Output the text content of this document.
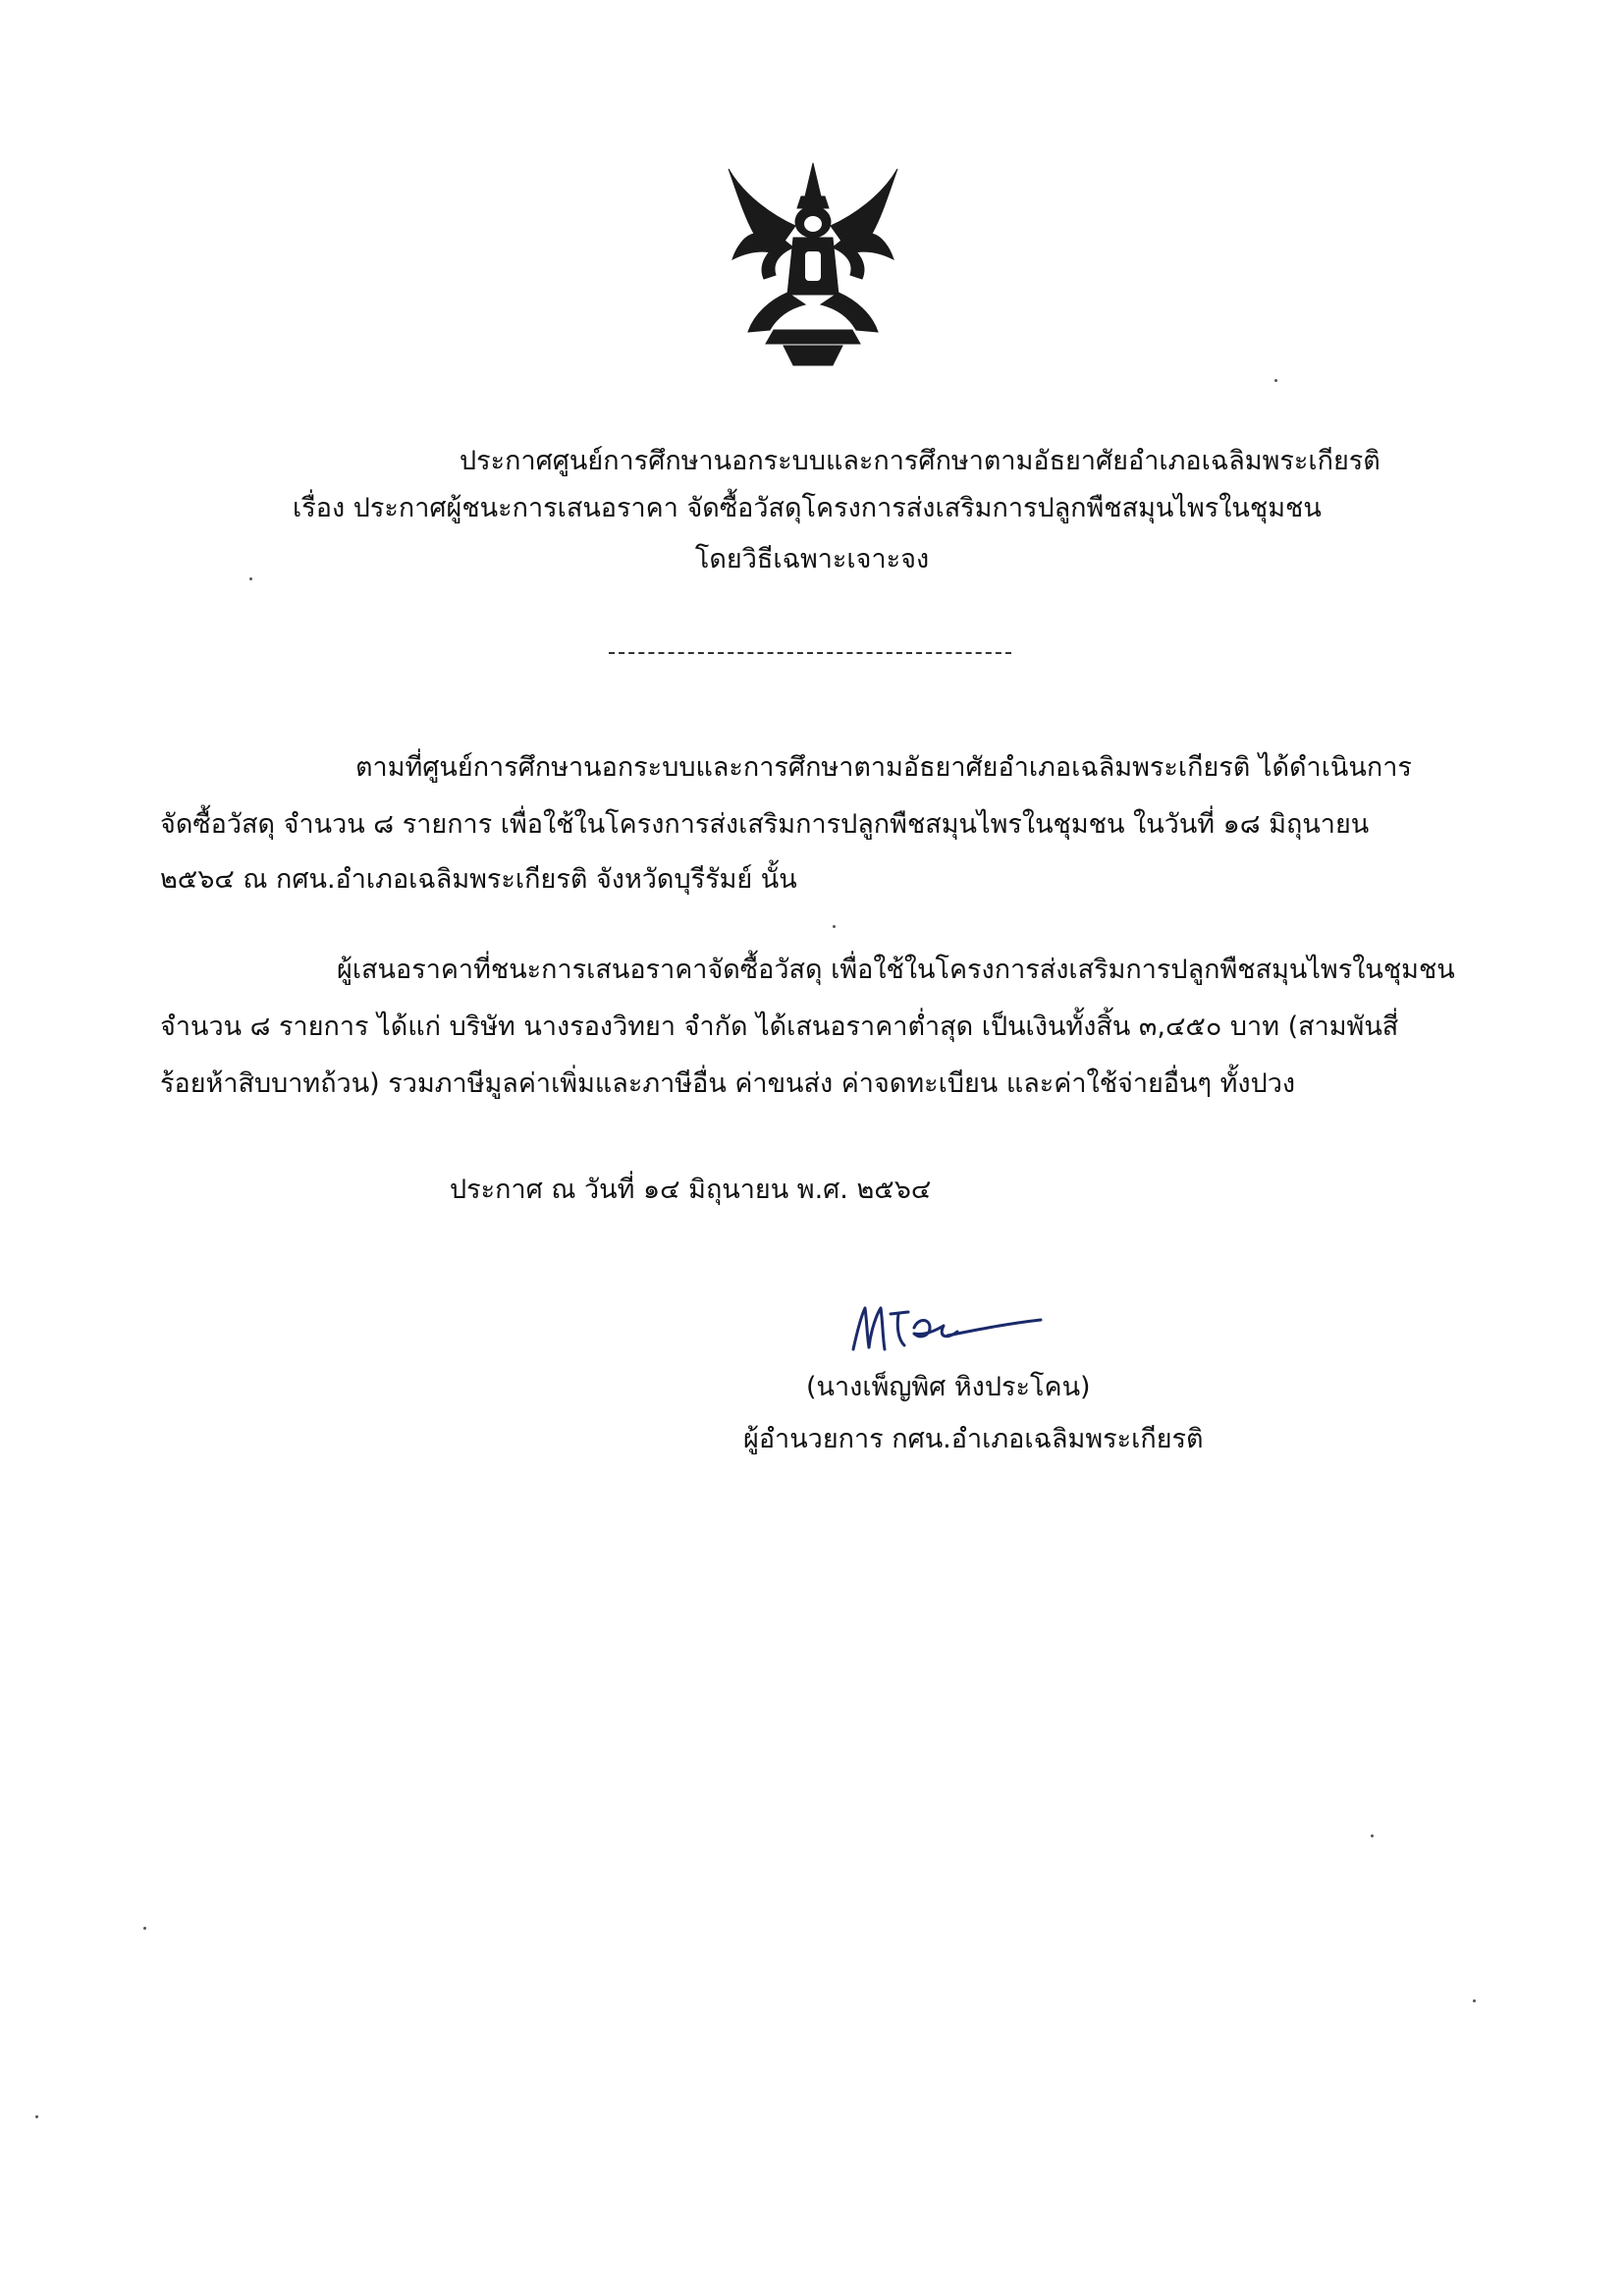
ประกาศศูนย์การศึกษานอกระบบและการศึกษาตามอัธยาศัยอำเภอเฉลิมพระเกียรติ
เรื่อง ประกาศผู้ชนะการเสนอราคา จัดซื้อวัสดุโครงการส่งเสริมการปลูกพืชสมุนไพรในชุมชน
โดยวิธีเฉพาะเจาะจง
ตามที่ศูนย์การศึกษานอกระบบและการศึกษาตามอัธยาศัยอำเภอเฉลิมพระเกียรติ ได้ดำเนินการ
จัดซื้อวัสดุ จำนวน ๘ รายการ เพื่อใช้ในโครงการส่งเสริมการปลูกพืชสมุนไพรในชุมชน ในวันที่ ๑๘ มิถุนายน
๒๕๖๔ ณ กศน.อำเภอเฉลิมพระเกียรติ จังหวัดบุรีรัมย์ นั้น
ผู้เสนอราคาที่ชนะการเสนอราคาจัดซื้อวัสดุ เพื่อใช้ในโครงการส่งเสริมการปลูกพืชสมุนไพรในชุมชน
จำนวน ๘ รายการ ได้แก่ บริษัท นางรองวิทยา จำกัด ได้เสนอราคาต่ำสุด เป็นเงินทั้งสิ้น ๓,๔๕๐ บาท (สามพันสี่
ร้อยห้าสิบบาทถ้วน) รวมภาษีมูลค่าเพิ่มและภาษีอื่น ค่าขนส่ง ค่าจดทะเบียน และค่าใช้จ่ายอื่นๆ ทั้งปวง
ประกาศ ณ วันที่ ๑๔ มิถุนายน พ.ศ. ๒๕๖๔
(นางเพ็ญพิศ หิงประโคน)
ผู้อำนวยการ กศน.อำเภอเฉลิมพระเกียรติ
